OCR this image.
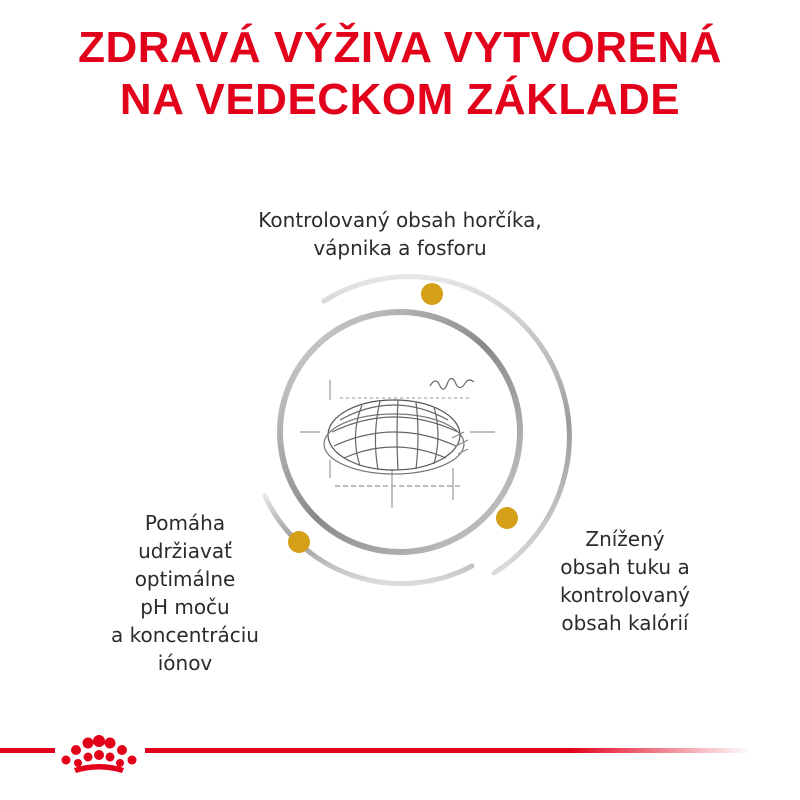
ZDRAVÁ VÝŽIVA VYTVORENÁ
NA VEDECKOM ZÁKLADE
Kontrolovaný obsah horčíka,
vápnika a fosforu
Pomáha
udržiavať
optimálne
pH moču
a koncentráciu
iónov
Znížený
obsah tuku a
kontrolovaný
obsah kalórií
